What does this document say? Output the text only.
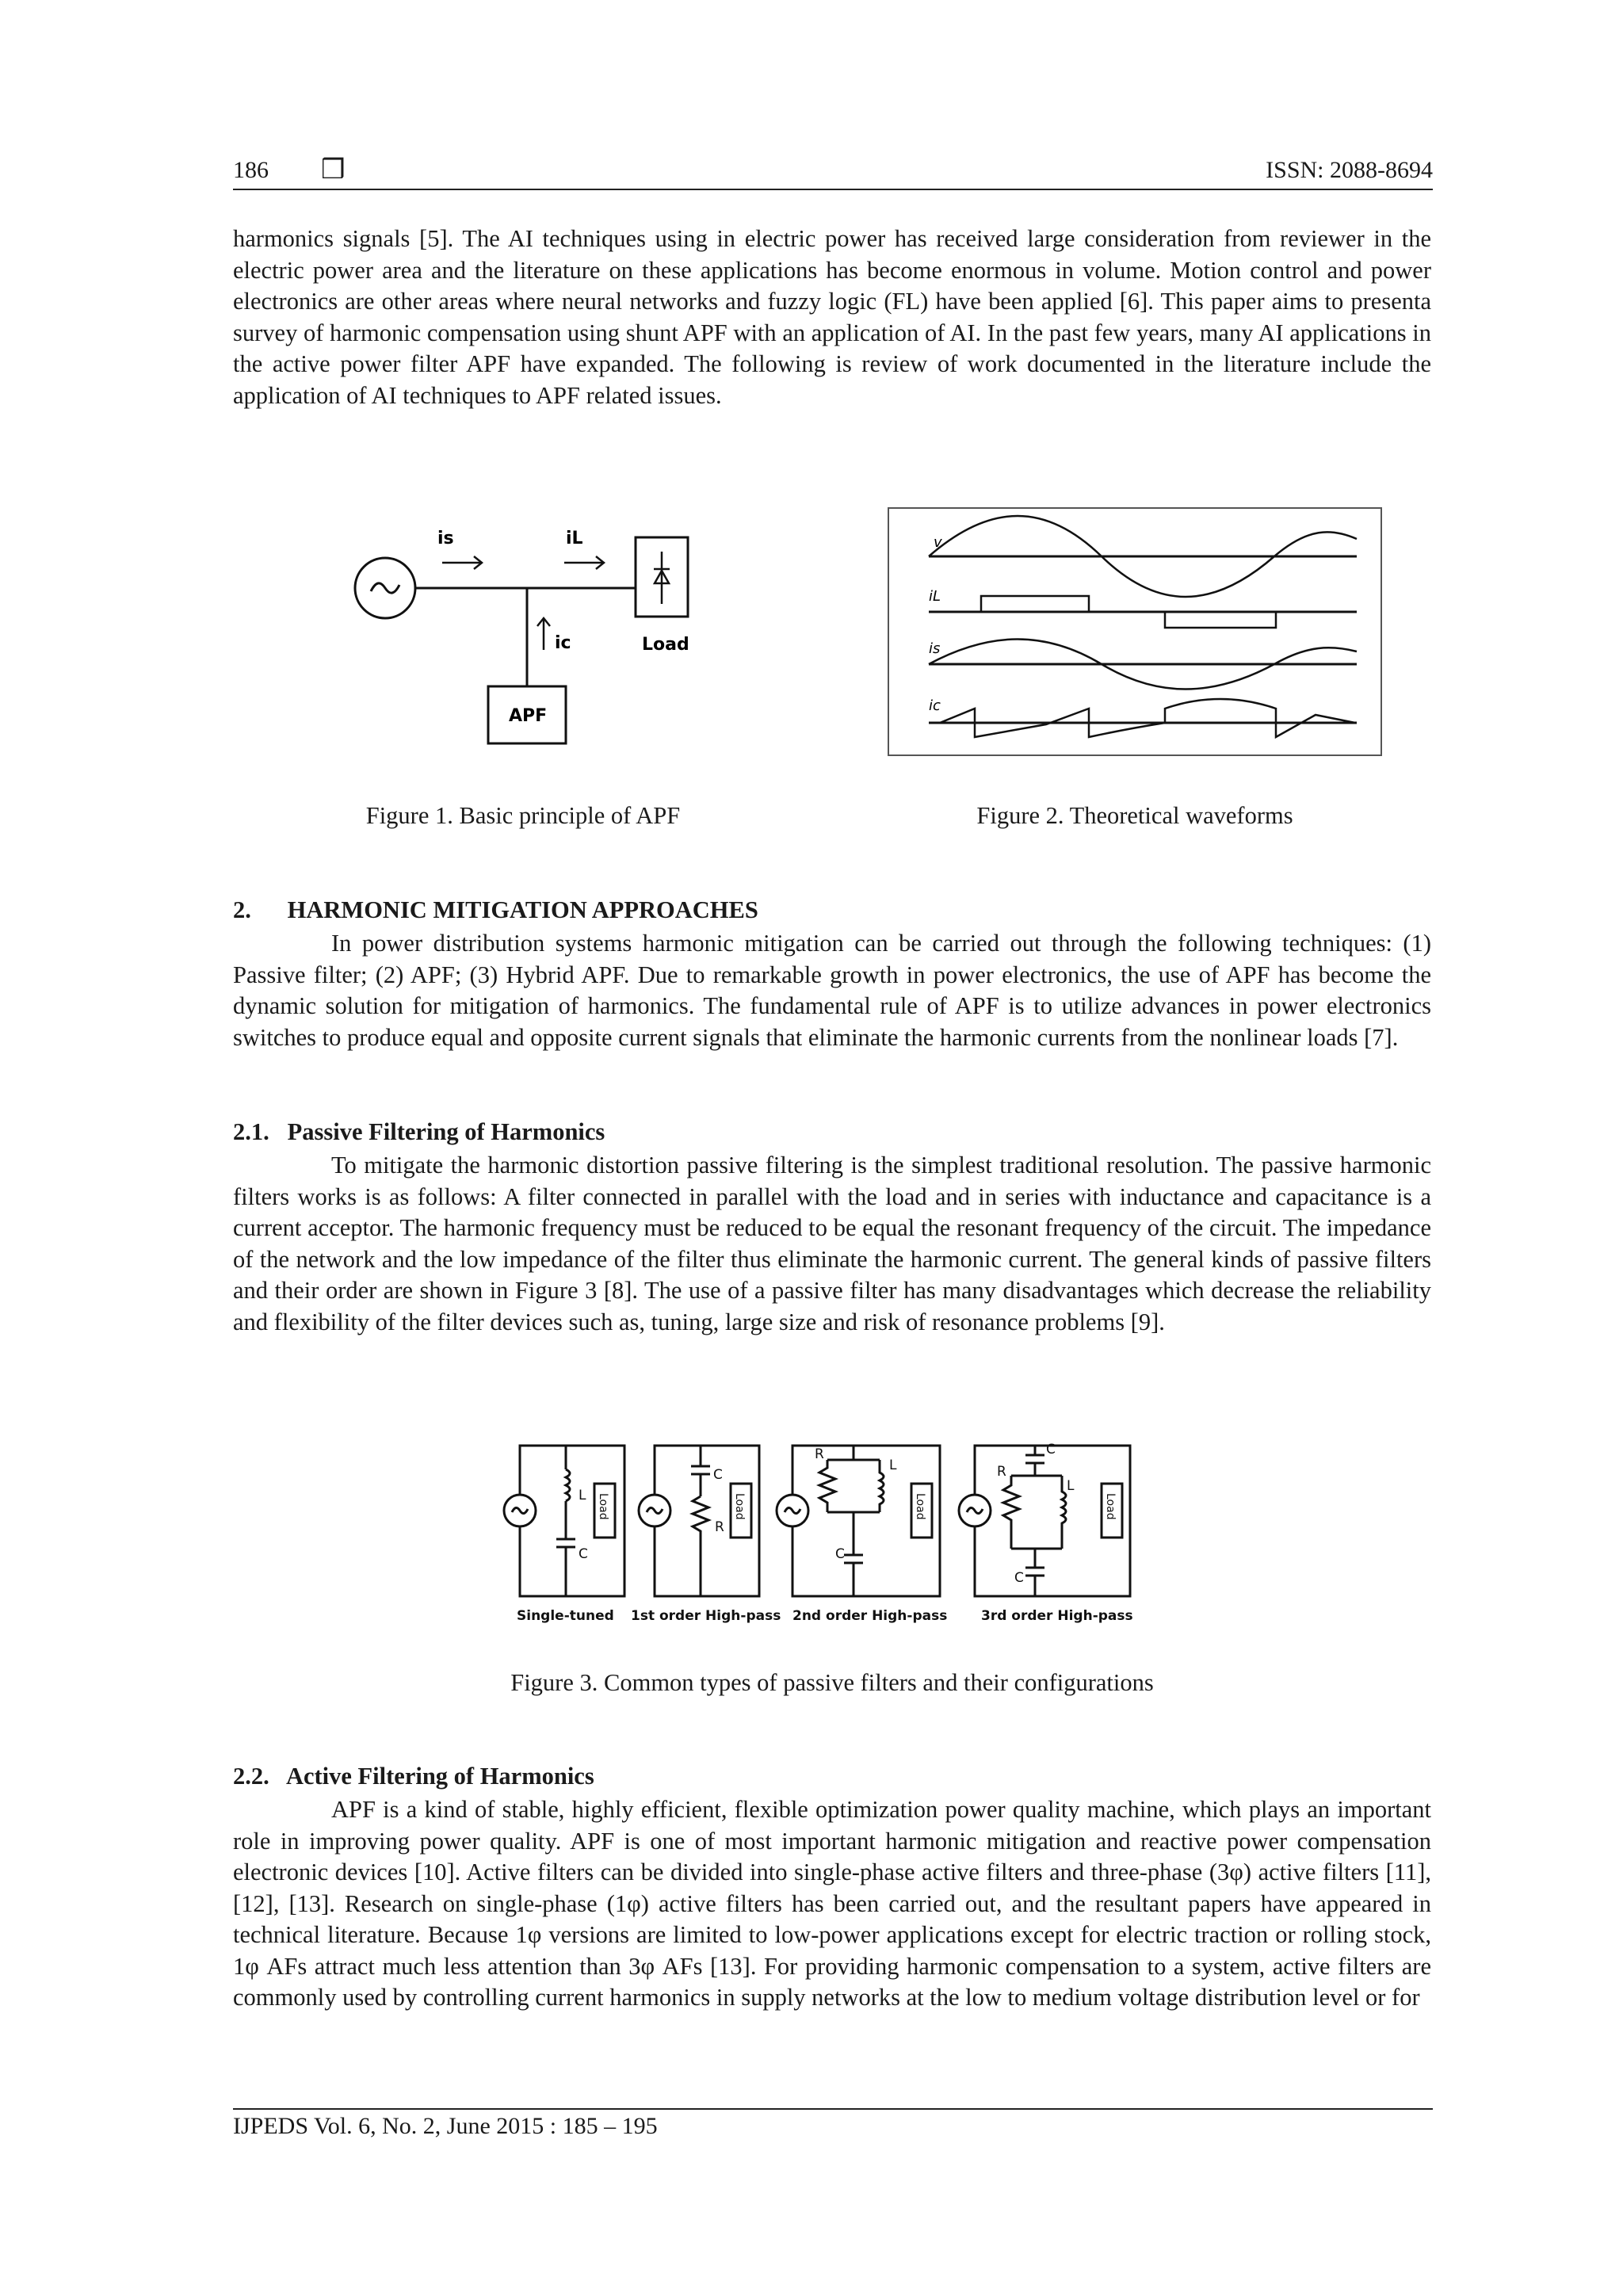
186 ❒	ISSN: 2088-8694

harmonics signals [5]. The AI techniques using in electric power has received large consideration from reviewer in the electric power area and the literature on these applications has become enormous in volume. Motion control and power electronics are other areas where neural networks and fuzzy logic (FL) have been applied [6]. This paper aims to presenta survey of harmonic compensation using shunt APF with an application of AI. In the past few years, many AI applications in the active power filter APF have expanded. The following is review of work documented in the literature include the application of AI techniques to APF related issues.

is	iL
ic	Load
APF
Figure 1. Basic principle of APF
v
iL
is
ic
Figure 2. Theoretical waveforms
2.      HARMONIC MITIGATION APPROACHES

In power distribution systems harmonic mitigation can be carried out through the following techniques: (1) Passive filter; (2) APF; (3) Hybrid APF. Due to remarkable growth in power electronics, the use of APF has become the dynamic solution for mitigation of harmonics. The fundamental rule of APF is to utilize advances in power electronics switches to produce equal and opposite current signals that eliminate the harmonic currents from the nonlinear loads [7].

2.1.   Passive Filtering of Harmonics

To mitigate the harmonic distortion passive filtering is the simplest traditional resolution. The passive harmonic filters works is as follows: A filter connected in parallel with the load and in series with inductance and capacitance is a current acceptor. The harmonic frequency must be reduced to be equal the resonant frequency of the circuit. The impedance of the network and the low impedance of the filter thus eliminate the harmonic current. The general kinds of passive filters and their order are shown in Figure 3 [8]. The use of a passive filter has many disadvantages which decrease the reliability and flexibility of the filter devices such as, tuning, large size and risk of resonance problems [9].

L
C
C
R
R
L
C
C
R
L
C
Load	Load	Load	Load
Single-tuned 1st order High-pass 2nd order High-pass	3rd order High-pass
Figure 3. Common types of passive filters and their configurations
2.2.   Active Filtering of Harmonics

APF is a kind of stable, highly efficient, flexible optimization power quality machine, which plays an important role in improving power quality. APF is one of most important harmonic mitigation and reactive power compensation electronic devices [10]. Active filters can be divided into single-phase active filters and three-phase (3φ) active filters [11], [12], [13]. Research on single-phase (1φ) active filters has been carried out, and the resultant papers have appeared in technical literature. Because 1φ versions are limited to low-power applications except for electric traction or rolling stock, 1φ AFs attract much less attention than 3φ AFs [13]. For providing harmonic compensation to a system, active filters are commonly used by controlling current harmonics in supply networks at the low to medium voltage distribution level or for

IJPEDS Vol. 6, No. 2, June 2015 : 185 – 195
